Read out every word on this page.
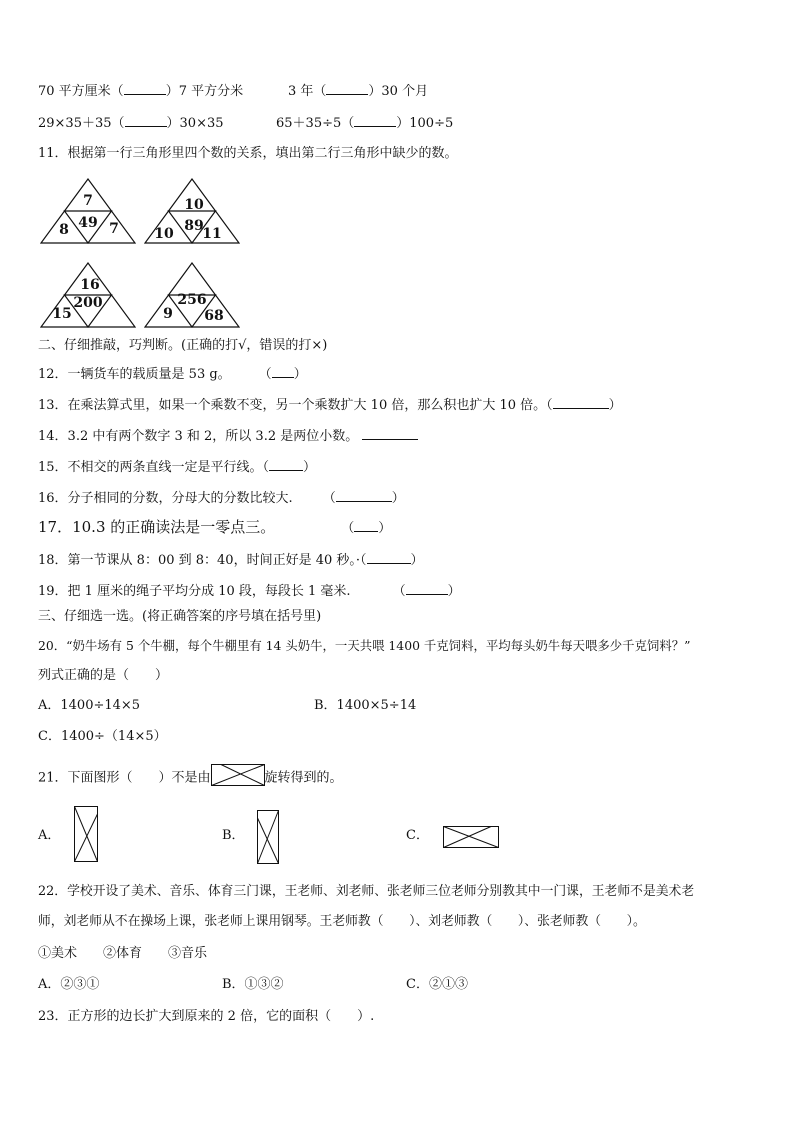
70 平方厘米（	）7 平方分米	3 年（	）30 个月
29×35＋35（	）30×35	65＋35÷5（	）100÷5
11．根据第一行三角形里四个数的关系，填出第二行三角形中缺少的数。
7
49
8	7
10
89
10 11
16
200
15
256
9	68
二、仔细推敲，巧判断。(正确的打√，错误的打×)
12．一辆货车的载质量是 53 g。 （ ）
13．在乘法算式里，如果一个乘数不变，另一个乘数扩大 10 倍，那么积也扩大 10 倍。（	）
14．3.2 中有两个数字 3 和 2，所以 3.2 是两位小数。
15．不相交的两条直线一定是平行线。（	）
16．分子相同的分数，分母大的分数比较大. （	）
17．10.3 的正确读法是一零点三。	（ ）
18．第一节课从 8：00 到 8：40，时间正好是 40 秒。·（	）
19．把 1 厘米的绳子平均分成 10 段，每段长 1 毫米.	（	）
三、仔细选一选。(将正确答案的序号填在括号里)
20．“奶牛场有 5 个牛棚，每个牛棚里有 14 头奶牛，一天共喂 1400 千克饲料，平均每头奶牛每天喂多少千克饲料？”
列式正确的是（　　）
A．1400÷14×5	B．1400×5÷14
C．1400÷（14×5）
21．下面图形（　　）不是由	旋转得到的。
A．	B．	C．
22．学校开设了美术、音乐、体育三门课，王老师、刘老师、张老师三位老师分别教其中一门课，王老师不是美术老
师，刘老师从不在操场上课，张老师上课用钢琴。王老师教（　　）、刘老师教（　　）、张老师教（　　）。
①美术　　②体育　　③音乐
A．②③①	B．①③②	C．②①③
23．正方形的边长扩大到原来的 2 倍，它的面积（　　）.
